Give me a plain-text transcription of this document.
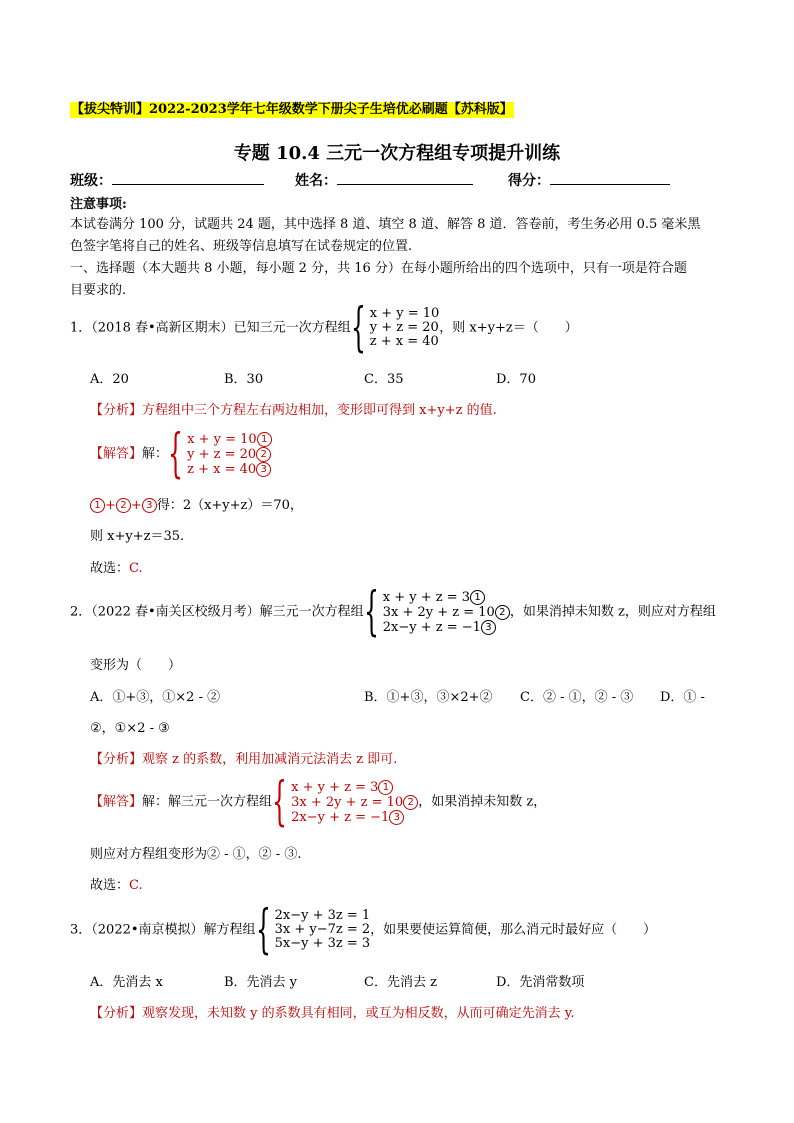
【拔尖特训】2022-2023学年七年级数学下册尖子生培优必刷题【苏科版】
专题 10.4 三元一次方程组专项提升训练
班级：	姓名：	得分：
注意事项:
本试卷满分 100 分，试题共 24 题，其中选择 8 道、填空 8 道、解答 8 道．答卷前，考生务必用 0.5 毫米黑
色签字笔将自己的姓名、班级等信息填写在试卷规定的位置.
一、选择题（本大题共 8 小题，每小题 2 分，共 16 分）在每小题所给出的四个选项中，只有一项是符合题
目要求的.
1．（2018 春•高新区期末）已知三元一次方程组{ x + y = 10
y + z = 20
z + x = 40
，则 x+y+z＝（　　）
A．20	B．30	C．35	D．70
【分析】方程组中三个方程左右两边相加，变形即可得到 x+y+z 的值.
【解答】解：{ x + y = 10 1
y + z = 20 2
z + x = 40 3
1 + 2 + 3 得：2（x+y+z）＝70，
则 x+y+z＝35.
故选：C.
2．（2022 春•南关区校级月考）解三元一次方程组{ x + y + z = 3 1
3x + 2y + z = 10 2
2x−y + z = −1 3
，如果消掉未知数 z，则应对方程组
变形为（　　）
A．①+③，①×2 - ②	B．①+③，③×2+② C．② - ①，② - ③ D．① -
②，①×2 - ③
【分析】观察 z 的系数，利用加减消元法消去 z 即可.
【解答】解：解三元一次方程组{ x + y + z = 3 1
3x + 2y + z = 10 2
2x−y + z = −1 3
，如果消掉未知数 z，
则应对方程组变形为② - ①，② - ③.
故选：C.
3．（2022•南京模拟）解方程组{ 2x−y + 3z = 1
3x + y−7z = 2
5x−y + 3z = 3
，如果要使运算简便，那么消元时最好应（　　）
A．先消去 x	B．先消去 y	C．先消去 z	D．先消常数项
【分析】观察发现，未知数 y 的系数具有相同，或互为相反数，从而可确定先消去 y.
